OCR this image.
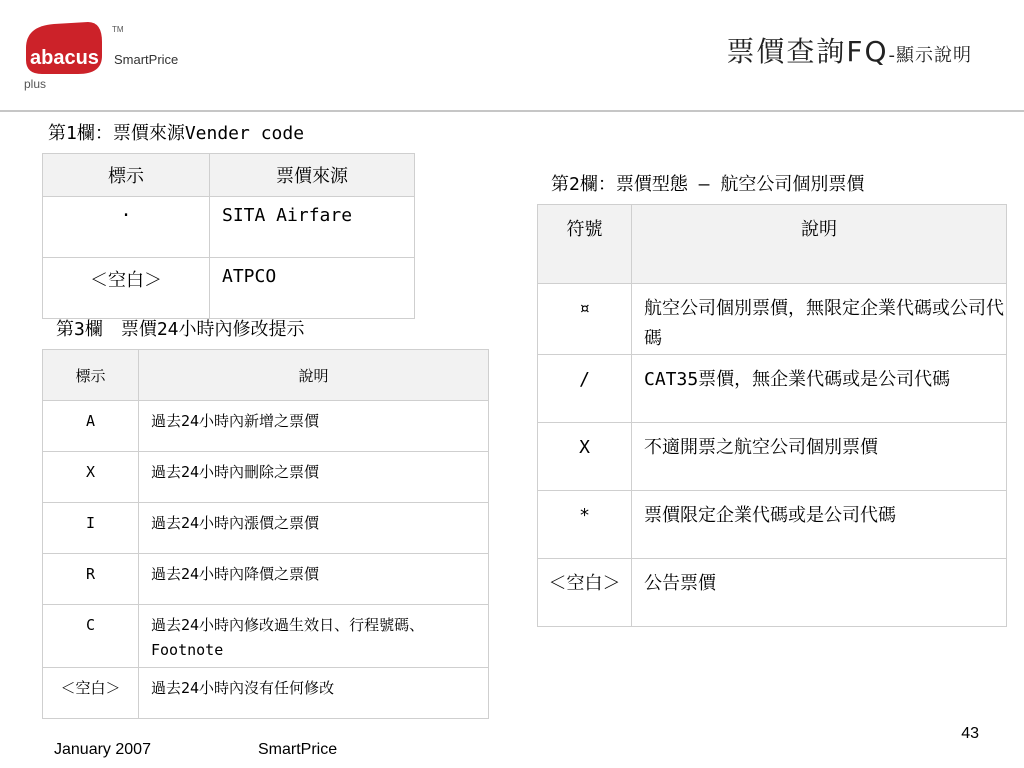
abacus SmartPrice
TM
plus
票價查詢FQ-顯示說明
第1欄：票價來源Vender code
標示	票價來源
·	SITA Airfare
＜空白＞	ATPCO
第3欄　票價24小時內修改提示
標示	說明
A	過去24小時內新增之票價
X	過去24小時內刪除之票價
I	過去24小時內漲價之票價
R	過去24小時內降價之票價
C	過去24小時內修改過生效日、行程號碼、Footnote
＜空白＞	過去24小時內沒有任何修改
第2欄：票價型態 – 航空公司個別票價
符號	說明
¤	航空公司個別票價，無限定企業代碼或公司代碼
/	CAT35票價，無企業代碼或是公司代碼
X	不適開票之航空公司個別票價
*	票價限定企業代碼或是公司代碼
＜空白＞	公告票價
January 2007	SmartPrice
43
